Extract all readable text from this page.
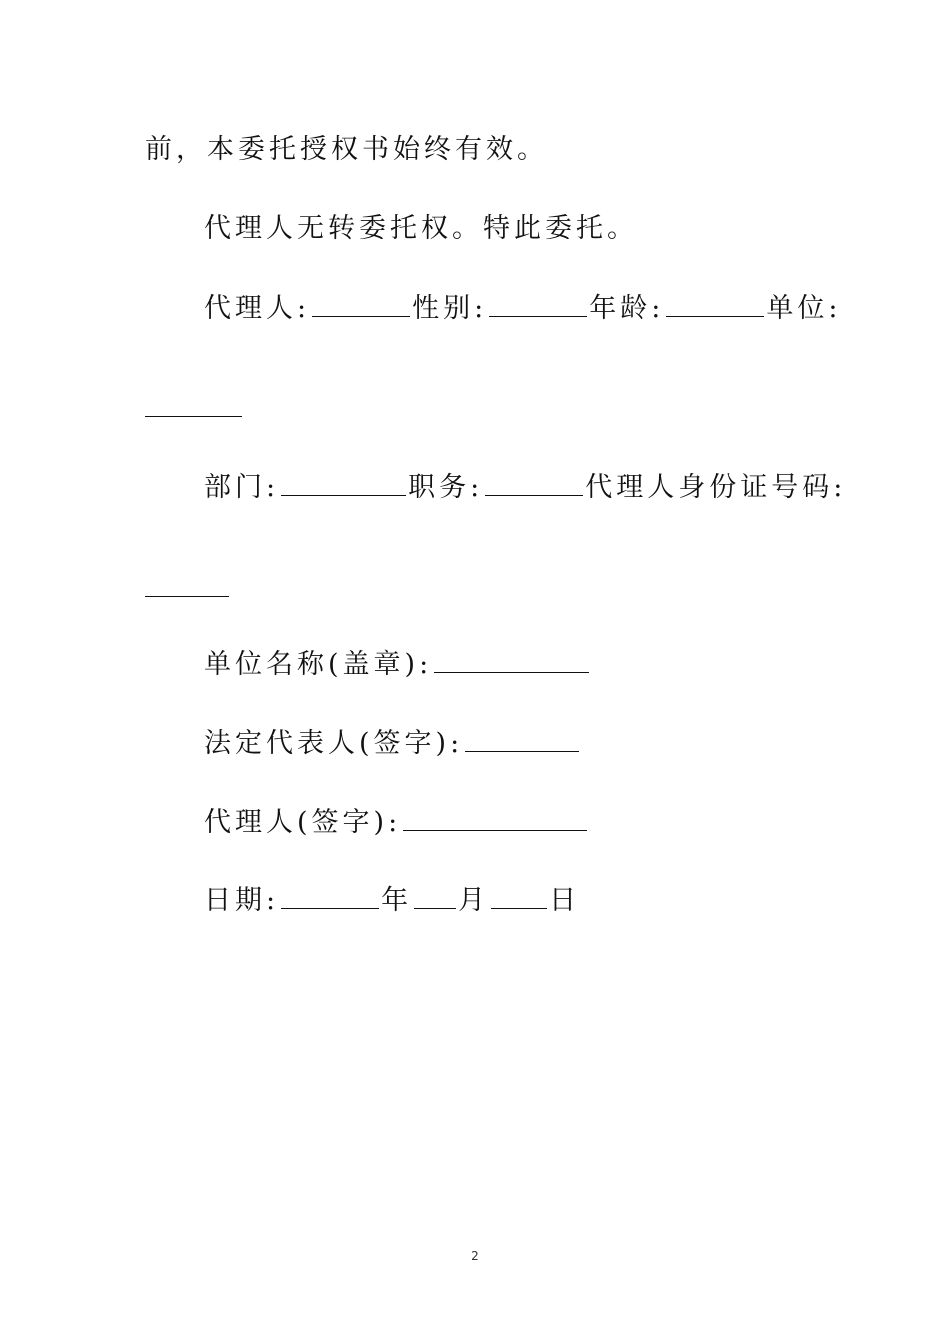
前，本委托授权书始终有效。
代理人无转委托权。特此委托。
代理人:	性别:	年龄:	单位:
部门:	职务:	代理人身份证号码:
单位名称(盖章):
法定代表人(签字):
代理人(签字):
日期:	年 月 日
2
